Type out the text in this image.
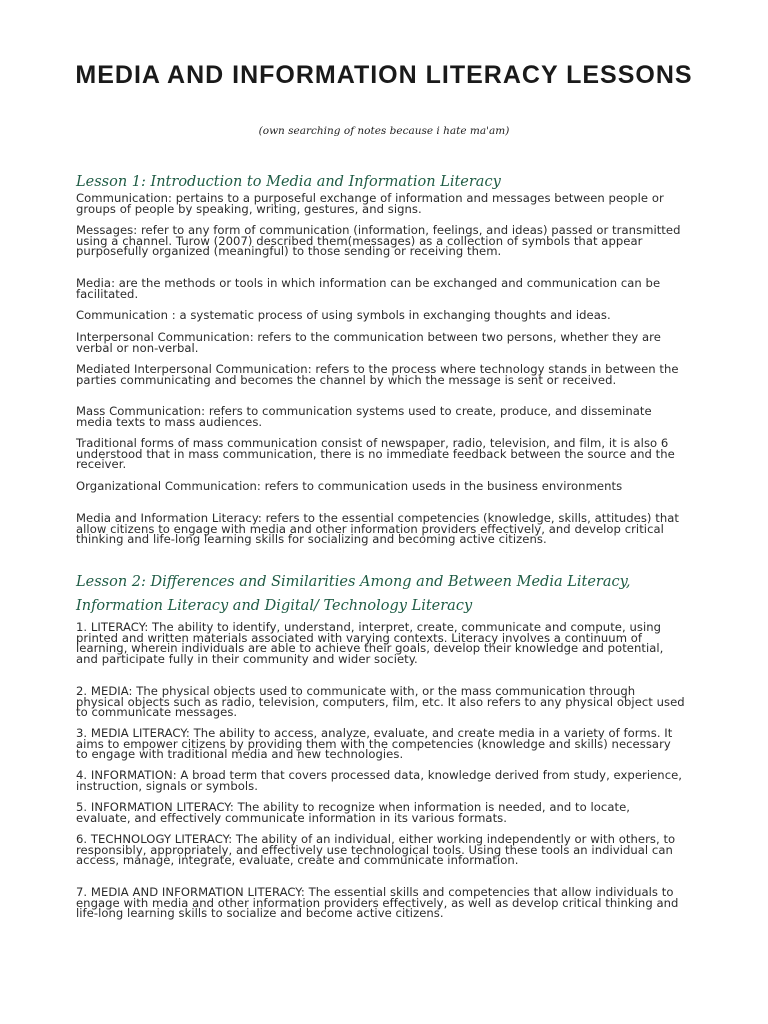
MEDIA AND INFORMATION LITERACY LESSONS
(own searching of notes because i hate ma'am)
Lesson 1: Introduction to Media and Information Literacy

Communication: pertains to a purposeful exchange of information and messages between people or groups of people by speaking, writing, gestures, and signs.

Messages: refer to any form of communication (information, feelings, and ideas) passed or transmitted using a channel. Turow (2007) described them(messages) as a collection of symbols that appear purposefully organized (meaningful) to those sending or receiving them.

Media: are the methods or tools in which information can be exchanged and communication can be facilitated.

Communication : a systematic process of using symbols in exchanging thoughts and ideas.

Interpersonal Communication: refers to the communication between two persons, whether they are verbal or non-verbal.

Mediated Interpersonal Communication: refers to the process where technology stands in between the parties communicating and becomes the channel by which the message is sent or received.

Mass Communication: refers to communication systems used to create, produce, and disseminate media texts to mass audiences.

Traditional forms of mass communication consist of newspaper, radio, television, and film, it is also 6 understood that in mass communication, there is no immediate feedback between the source and the receiver.

Organizational Communication: refers to communication useds in the business environments

Media and Information Literacy: refers to the essential competencies (knowledge, skills, attitudes) that allow citizens to engage with media and other information providers effectively, and develop critical thinking and life-long learning skills for socializing and becoming active citizens.

Lesson 2: Differences and Similarities Among and Between Media Literacy, Information Literacy and Digital/ Technology Literacy

1. LITERACY: The ability to identify, understand, interpret, create, communicate and compute, using printed and written materials associated with varying contexts. Literacy involves a continuum of learning, wherein individuals are able to achieve their goals, develop their knowledge and potential, and participate fully in their community and wider society.

2. MEDIA: The physical objects used to communicate with, or the mass communication through physical objects such as radio, television, computers, film, etc. It also refers to any physical object used to communicate messages.

3. MEDIA LITERACY: The ability to access, analyze, evaluate, and create media in a variety of forms. It aims to empower citizens by providing them with the competencies (knowledge and skills) necessary to engage with traditional media and new technologies.

4. INFORMATION: A broad term that covers processed data, knowledge derived from study, experience, instruction, signals or symbols.

5. INFORMATION LITERACY: The ability to recognize when information is needed, and to locate, evaluate, and effectively communicate information in its various formats.

6. TECHNOLOGY LITERACY: The ability of an individual, either working independently or with others, to responsibly, appropriately, and effectively use technological tools. Using these tools an individual can access, manage, integrate, evaluate, create and communicate information.

7. MEDIA AND INFORMATION LITERACY: The essential skills and competencies that allow individuals to engage with media and other information providers effectively, as well as develop critical thinking and life-long learning skills to socialize and become active citizens.
